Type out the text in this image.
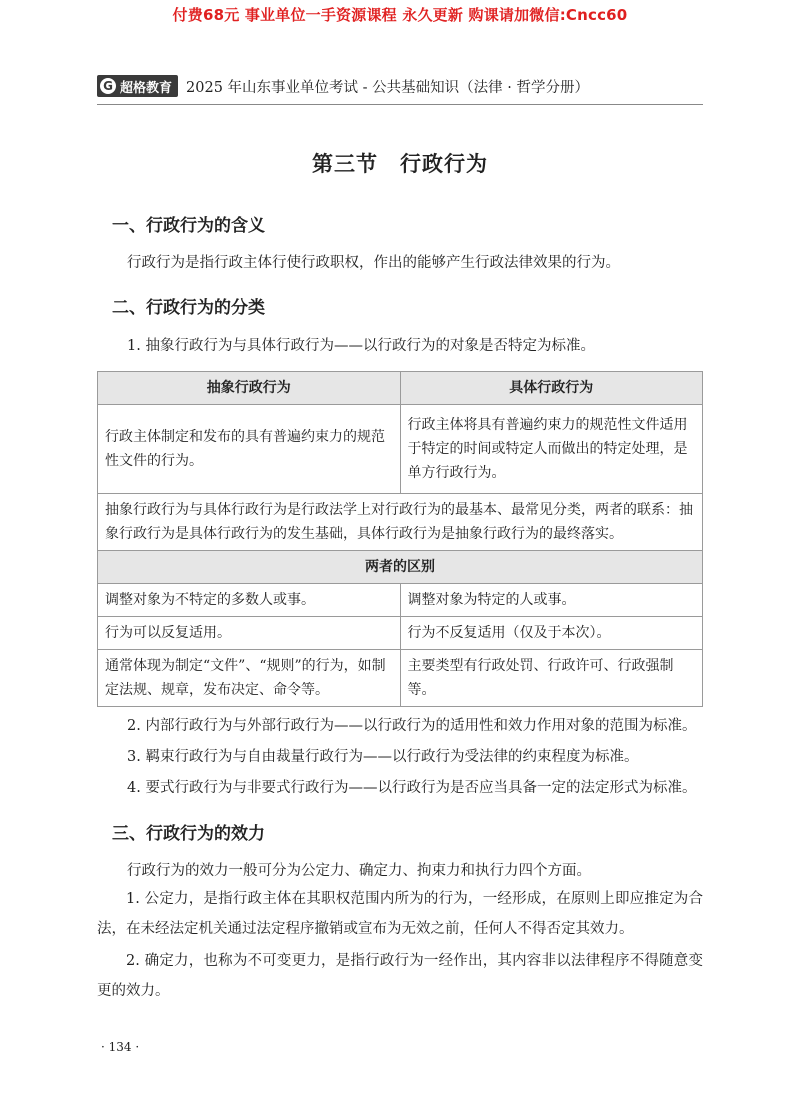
付费68元 事业单位一手资源课程 永久更新 购课请加微信:Cncc60
G 超格教育 2025 年山东事业单位考试 - 公共基础知识（法律 · 哲学分册）
第三节　行政行为
一、行政行为的含义
行政行为是指行政主体行使行政职权，作出的能够产生行政法律效果的行为。
二、行政行为的分类
1. 抽象行政行为与具体行政行为——以行政行为的对象是否特定为标准。
抽象行政行为	具体行政行为
行政主体制定和发布的具有普遍约束力的规范性文件的行为。	行政主体将具有普遍约束力的规范性文件适用于特定的时间或特定人而做出的特定处理，是单方行政行为。
抽象行政行为与具体行政行为是行政法学上对行政行为的最基本、最常见分类，两者的联系：抽象行政行为是具体行政行为的发生基础，具体行政行为是抽象行政行为的最终落实。	
两者的区别	
调整对象为不特定的多数人或事。	调整对象为特定的人或事。
行为可以反复适用。	行为不反复适用（仅及于本次）。
通常体现为制定“文件”、“规则”的行为，如制定法规、规章，发布决定、命令等。	主要类型有行政处罚、行政许可、行政强制等。
2. 内部行政行为与外部行政行为——以行政行为的适用性和效力作用对象的范围为标准。
3. 羁束行政行为与自由裁量行政行为——以行政行为受法律的约束程度为标准。
4. 要式行政行为与非要式行政行为——以行政行为是否应当具备一定的法定形式为标准。
三、行政行为的效力
行政行为的效力一般可分为公定力、确定力、拘束力和执行力四个方面。
1. 公定力，是指行政主体在其职权范围内所为的行为，一经形成，在原则上即应推定为合法，在未经法定机关通过法定程序撤销或宣布为无效之前，任何人不得否定其效力。
2. 确定力，也称为不可变更力，是指行政行为一经作出，其内容非以法律程序不得随意变更的效力。
· 134 ·
